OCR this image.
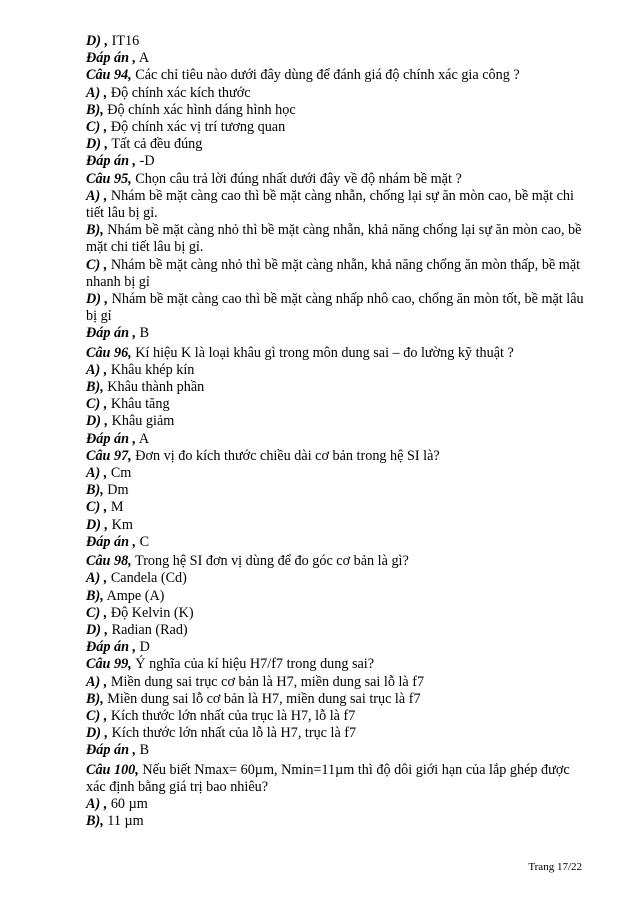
D) , IT16
Đáp án , A
Câu 94, Các chỉ tiêu nào dưới đây dùng để đánh giá độ chính xác gia công ?
A) , Độ chính xác kích thước
B), Độ chính xác hình dáng hình học
C) , Độ chính xác vị trí tương quan
D) , Tất cả đều đúng
Đáp án , -D
Câu 95, Chọn câu trả lời đúng nhất dưới đây về độ nhám bề mặt ?
A) , Nhám bề mặt càng cao thì bề mặt càng nhẵn, chống lại sự ăn mòn cao, bề mặt chi tiết lâu bị gỉ.
B), Nhám bề mặt càng nhỏ thì bề mặt càng nhẵn, khả năng chống lại sự ăn mòn cao, bề mặt chi tiết lâu bị gỉ.
C) , Nhám bề mặt càng nhỏ thì bề mặt càng nhẵn, khả năng chống ăn mòn thấp, bề mặt nhanh bị gỉ
D) , Nhám bề mặt càng cao thì bề mặt càng nhấp nhô cao, chống ăn mòn tốt, bề mặt lâu bị gỉ
Đáp án , B
Câu 96, Kí hiệu K là loại khâu gì trong môn dung sai – đo lường kỹ thuật ?
A) , Khâu khép kín
B), Khâu thành phần
C) , Khâu tăng
D) , Khâu giảm
Đáp án , A
Câu 97, Đơn vị đo kích thước chiều dài cơ bản trong hệ SI là?
A) , Cm
B), Dm
C) , M
D) , Km
Đáp án , C
Câu 98, Trong hệ SI đơn vị dùng để đo góc cơ bản là gì?
A) , Candela (Cd)
B), Ampe (A)
C) , Độ Kelvin (K)
D) , Radian (Rad)
Đáp án , D
Câu 99, Ý nghĩa của kí hiệu H7/f7 trong dung sai?
A) , Miền dung sai trục cơ bản là H7, miền dung sai lỗ là f7
B), Miền dung sai lỗ cơ bản là H7, miền dung sai trục là f7
C) , Kích thước lớn nhất của trục là H7, lỗ là f7
D) , Kích thước lớn nhất của lỗ là H7, trục là f7
Đáp án , B
Câu 100, Nếu biết Nmax= 60µm, Nmin=11µm thì độ dôi giới hạn của lắp ghép được xác định bằng giá trị bao nhiêu?
A) , 60 µm
B), 11 µm
Trang 17/22
